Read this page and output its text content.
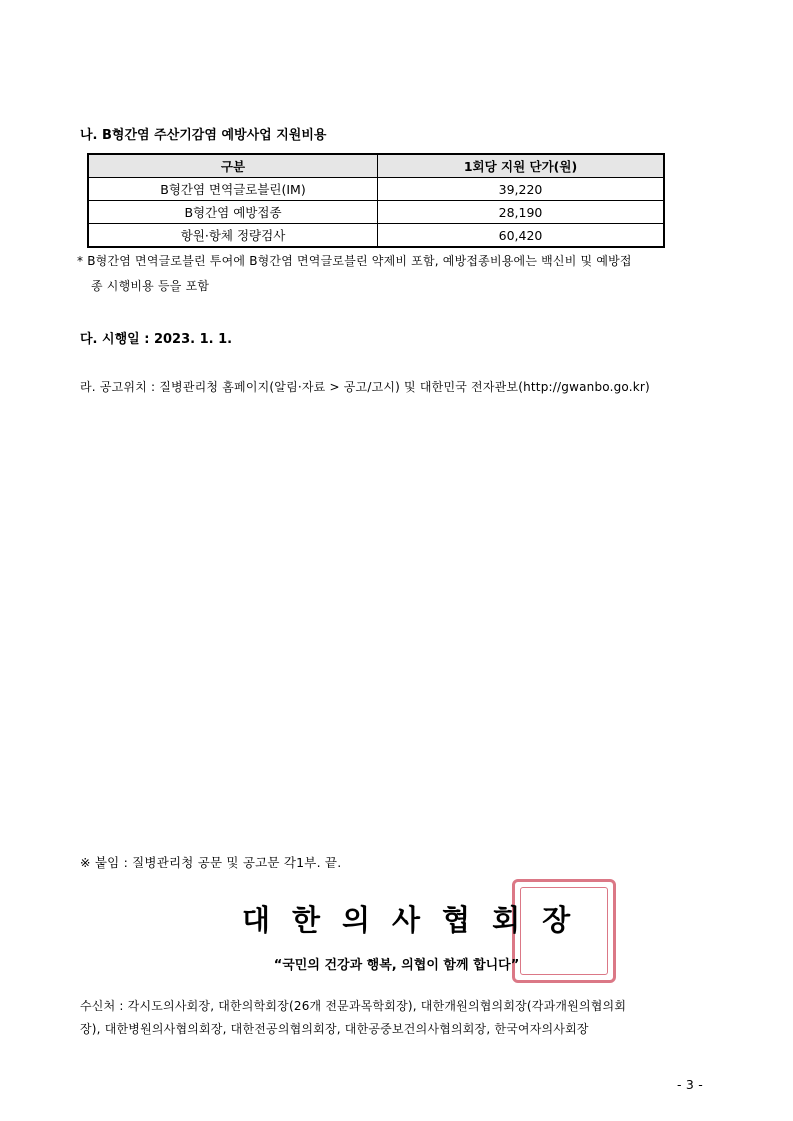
나. B형간염 주산기감염 예방사업 지원비용
구분	1회당 지원 단가(원)
B형간염 면역글로블린(IM)	39,220
B형간염 예방접종	28,190
항원·항체 정량검사	60,420
* B형간염 면역글로블린 투여에 B형간염 면역글로블린 약제비 포함, 예방접종비용에는 백신비 및 예방접
종 시행비용 등을 포함
다. 시행일 : 2023. 1. 1.
라. 공고위치 : 질병관리청 홈페이지(알림·자료 > 공고/고시) 및 대한민국 전자관보(http://gwanbo.go.kr)
※ 붙임 : 질병관리청 공문 및 공고문 각1부. 끝.
대한의사협회장
“국민의 건강과 행복, 의협이 함께 합니다”
수신처 : 각시도의사회장, 대한의학회장(26개 전문과목학회장), 대한개원의협의회장(각과개원의협의회
장), 대한병원의사협의회장, 대한전공의협의회장, 대한공중보건의사협의회장, 한국여자의사회장
- 3 -
